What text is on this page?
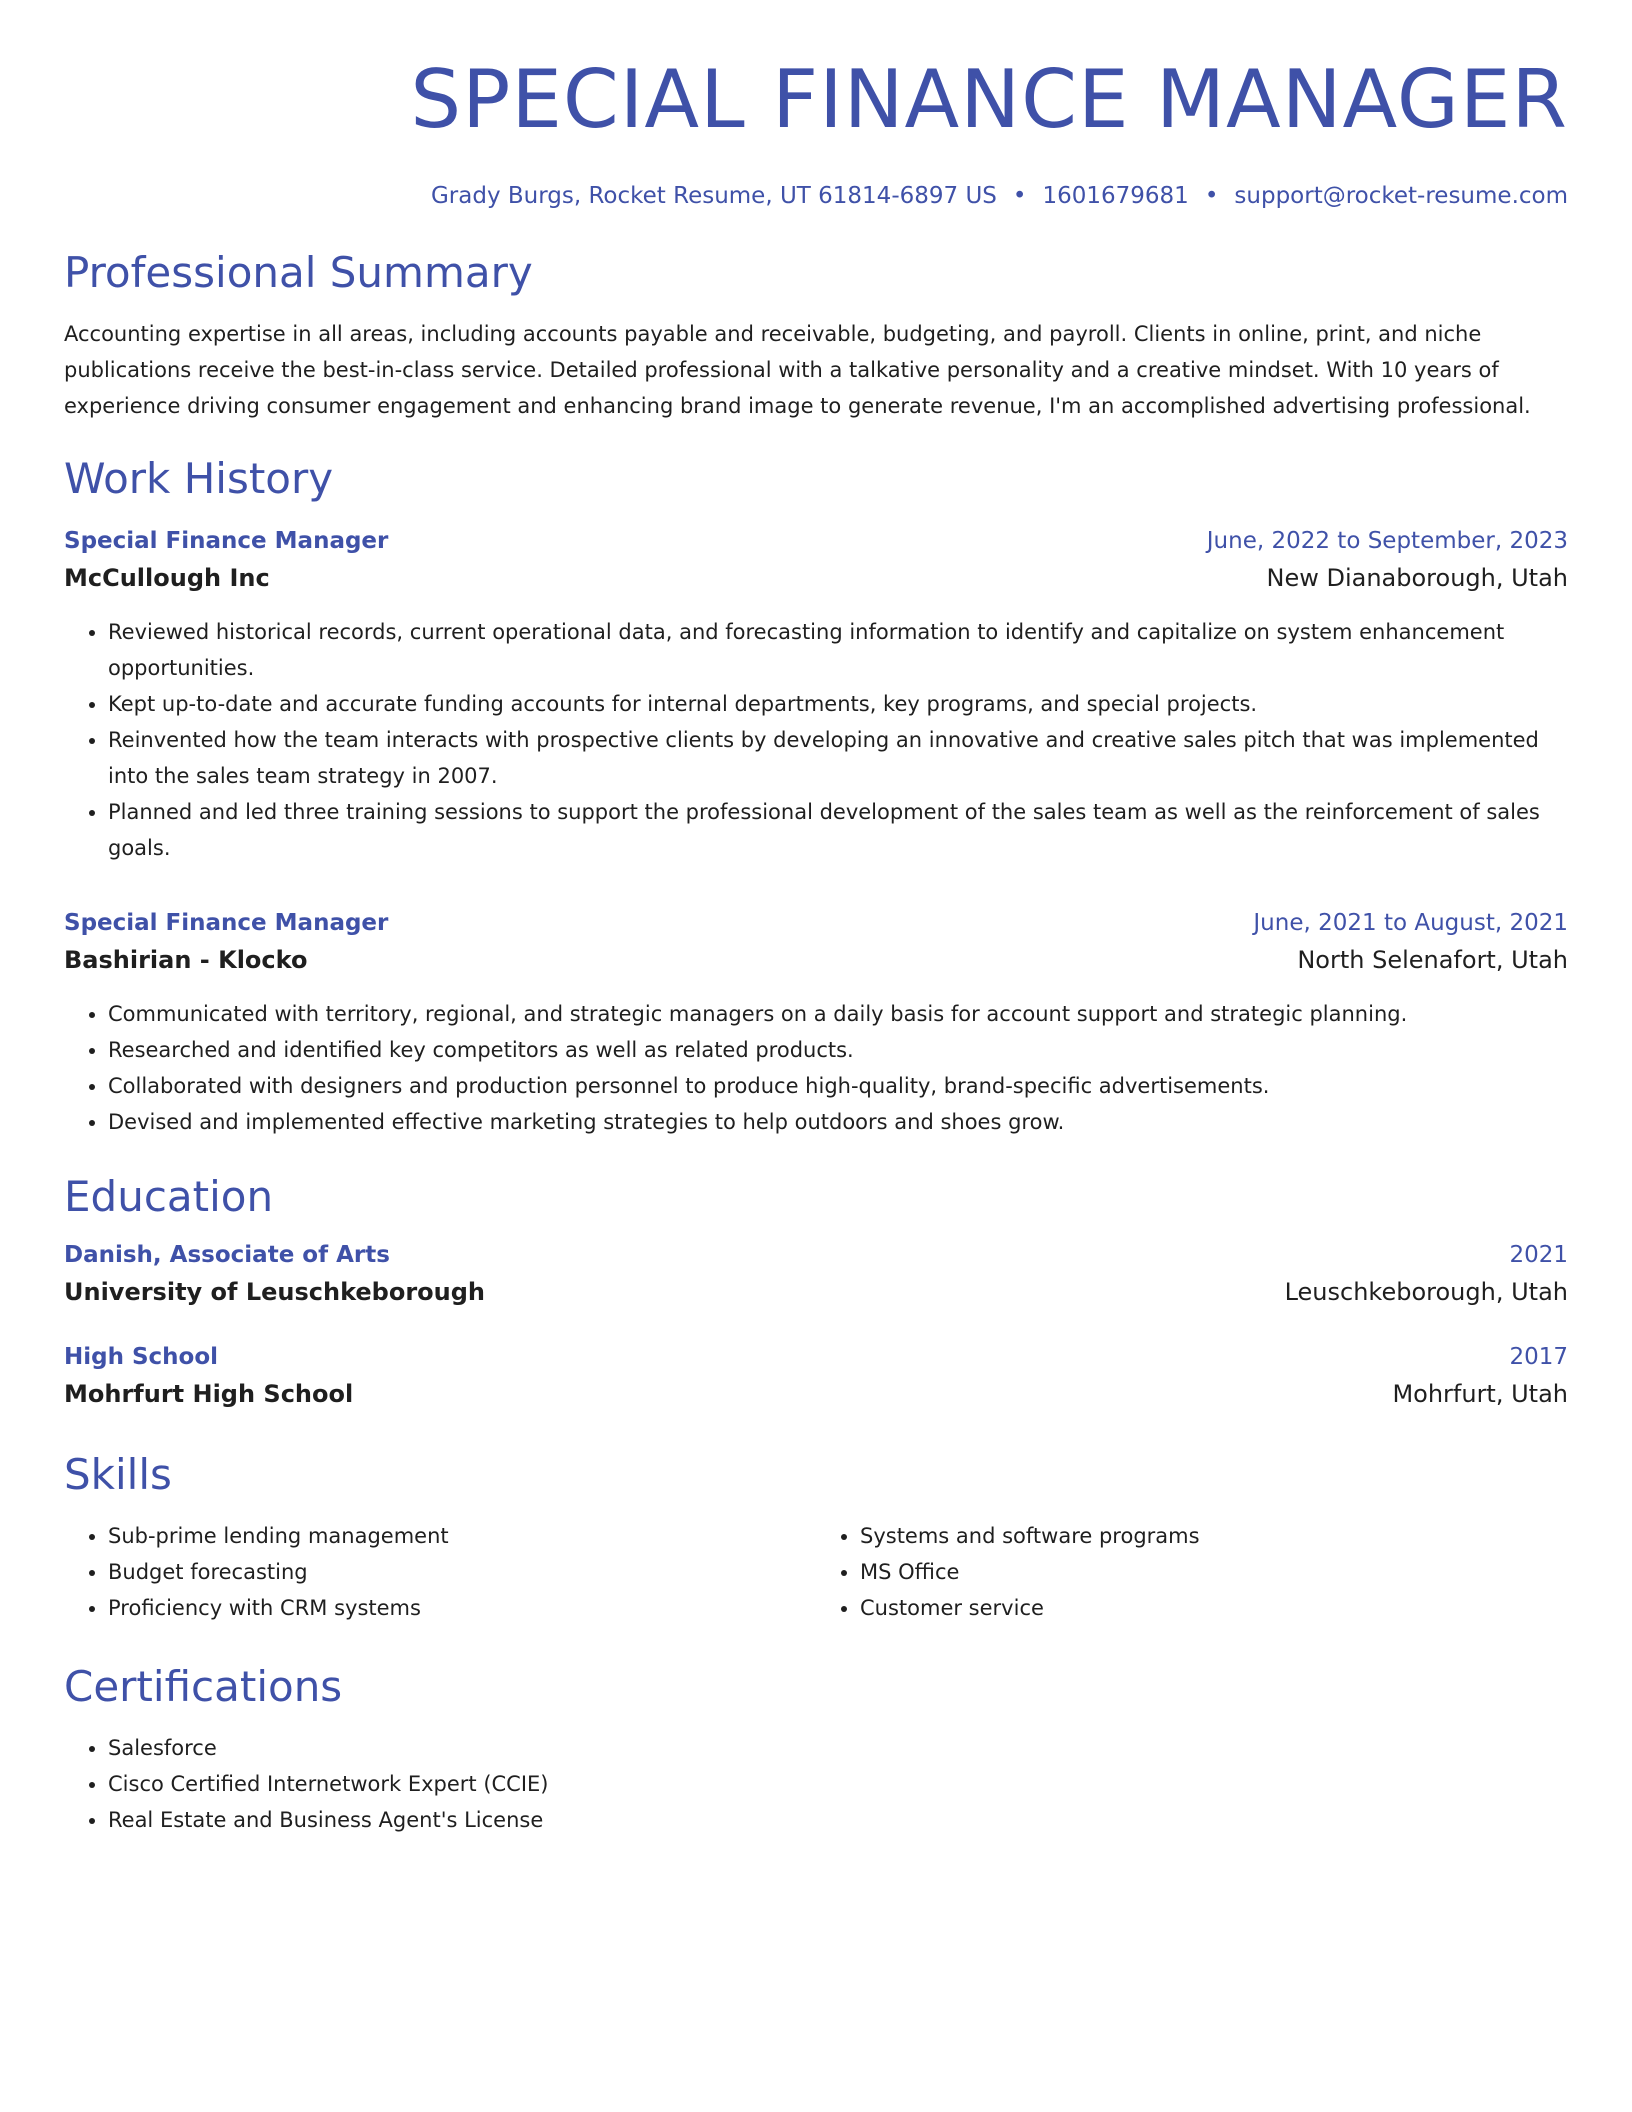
SPECIAL FINANCE MANAGER
Grady Burgs, Rocket Resume, UT 61814-6897 US • 1601679681 • support@rocket-resume.com
Professional Summary
Accounting expertise in all areas, including accounts payable and receivable, budgeting, and payroll. Clients in online, print, and niche publications receive the best-in-class service. Detailed professional with a talkative personality and a creative mindset. With 10 years of experience driving consumer engagement and enhancing brand image to generate revenue, I'm an accomplished advertising professional.
Work History
Special Finance Manager	June, 2022 to September, 2023
McCullough Inc	New Dianaborough, Utah
• Reviewed historical records, current operational data, and forecasting information to identify and capitalize on system enhancement opportunities.
• Kept up-to-date and accurate funding accounts for internal departments, key programs, and special projects.
• Reinvented how the team interacts with prospective clients by developing an innovative and creative sales pitch that was implemented into the sales team strategy in 2007.
• Planned and led three training sessions to support the professional development of the sales team as well as the reinforcement of sales goals.
Special Finance Manager	June, 2021 to August, 2021
Bashirian - Klocko	North Selenafort, Utah
• Communicated with territory, regional, and strategic managers on a daily basis for account support and strategic planning.
• Researched and identified key competitors as well as related products.
• Collaborated with designers and production personnel to produce high-quality, brand-specific advertisements.
• Devised and implemented effective marketing strategies to help outdoors and shoes grow.
Education
Danish, Associate of Arts	2021
University of Leuschkeborough	Leuschkeborough, Utah
High School	2017
Mohrfurt High School	Mohrfurt, Utah
Skills
• Sub-prime lending management
• Budget forecasting
• Proficiency with CRM systems
• Systems and software programs
• MS Office
• Customer service
Certifications
• Salesforce
• Cisco Certified Internetwork Expert (CCIE)
• Real Estate and Business Agent's License
